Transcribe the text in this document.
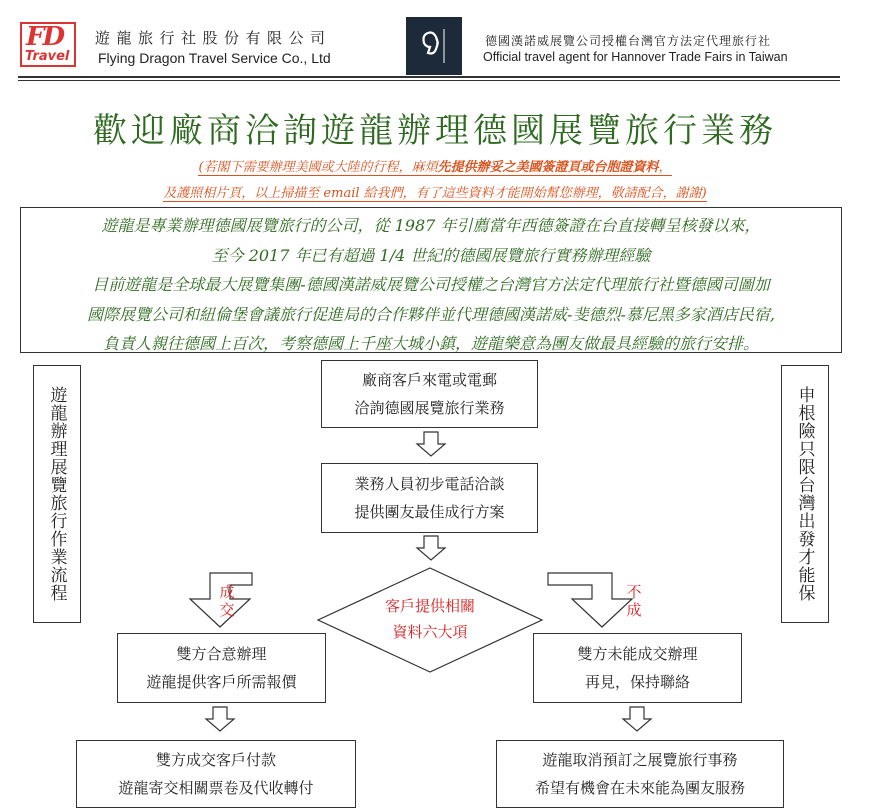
FD
Travel
遊龍旅行社股份有限公司
Flying Dragon Travel Service Co., Ltd
德國漢諾威展覽公司授權台灣官方法定代理旅行社
Official travel agent for Hannover Trade Fairs in Taiwan
歡迎廠商洽詢遊龍辦理德國展覽旅行業務
(若閣下需要辦理美國或大陸的行程，麻煩先提供辦妥之美國簽證頁或台胞證資料，
及護照相片頁，以上掃描至 email 給我們，有了這些資料才能開始幫您辦理，敬請配合，謝謝)
遊龍是專業辦理德國展覽旅行的公司，從 1987 年引薦當年西德簽證在台直接轉呈核發以來，
至今 2017 年已有超過 1/4 世紀的德國展覽旅行實務辦理經驗
目前遊龍是全球最大展覽集團-德國漢諾威展覽公司授權之台灣官方法定代理旅行社暨德國司圖加
國際展覽公司和紐倫堡會議旅行促進局的合作夥伴並代理德國漢諾威-斐德烈-慕尼黑多家酒店民宿,
負責人親往德國上百次，考察德國上千座大城小鎮，遊龍樂意為團友做最具經驗的旅行安排。
遊龍辦理展覽旅行作業流程	申根險只限台灣出發才能保
成交
不成
廠商客戶來電或電郵
洽詢德國展覽旅行業務
業務人員初步電話洽談
提供團友最佳成行方案
客戶提供相關
資料六大項
雙方合意辦理
遊龍提供客戶所需報價
雙方成交客戶付款
遊龍寄交相關票卷及代收轉付
雙方未能成交辦理
再見，保持聯絡
遊龍取消預訂之展覽旅行事務
希望有機會在未來能為團友服務
